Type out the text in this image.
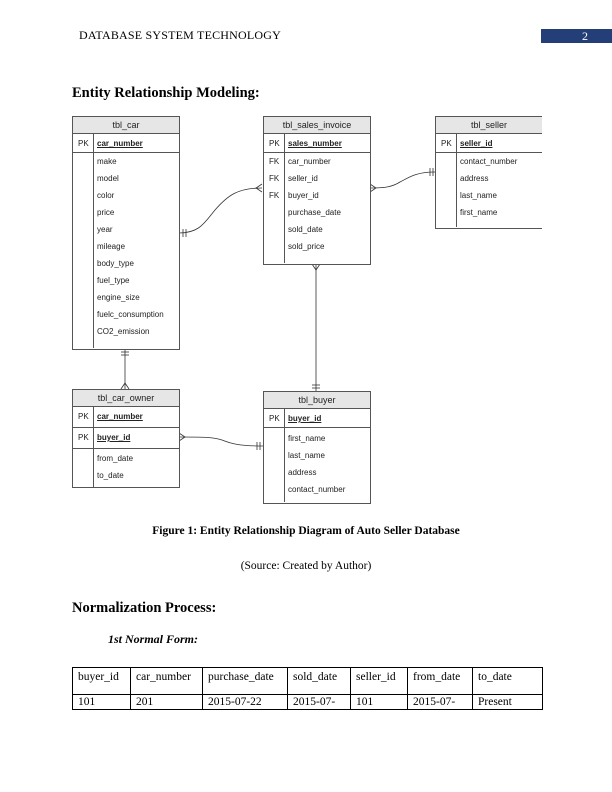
DATABASE SYSTEM TECHNOLOGY	2
Entity Relationship Modeling:
tbl_car
PK car_number
make
model
color
price
year
mileage
body_type
fuel_type
engine_size
fuelc_consumption
CO2_emission
tbl_sales_invoice
PK sales_number
FK
FK
FK
car_number
seller_id
buyer_id
purchase_date
sold_date
sold_price
tbl_seller
PK seller_id
contact_number
address
last_name
first_name
tbl_car_owner
PK car_number
PK buyer_id
from_date
to_date
tbl_buyer
PK buyer_id
first_name
last_name
address
contact_number
Figure 1: Entity Relationship Diagram of Auto Seller Database
(Source: Created by Author)
Normalization Process:
1st Normal Form:
buyer_id	car_number	purchase_date	sold_date	seller_id	from_date	to_date
101	201	2015-07-22	2015-07-	101	2015-07-	Present
